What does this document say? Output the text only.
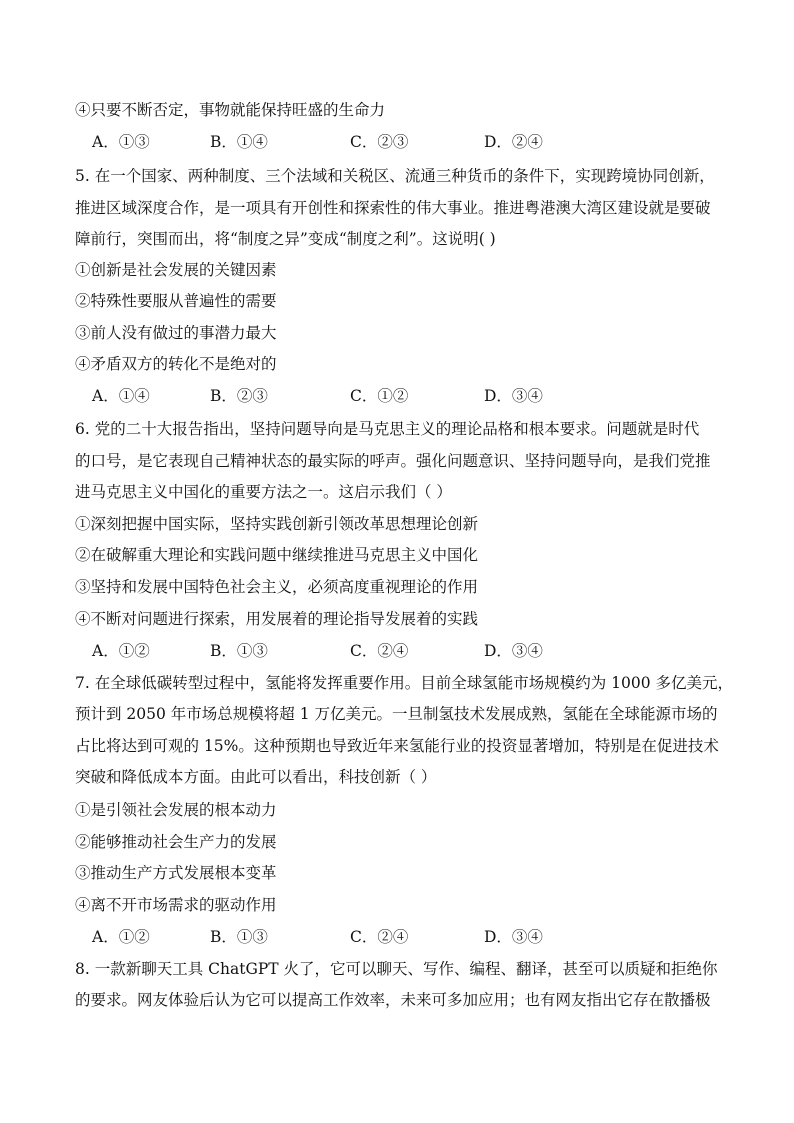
④只要不断否定，事物就能保持旺盛的生命力
A．①③	B．①④	C．②③	D．②④
5. 在一个国家、两种制度、三个法域和关税区、流通三种货币的条件下，实现跨境协同创新，
推进区域深度合作，是一项具有开创性和探索性的伟大事业。推进粤港澳大湾区建设就是要破
障前行，突围而出，将“制度之异”变成“制度之利”。这说明( )
①创新是社会发展的关键因素
②特殊性要服从普遍性的需要
③前人没有做过的事潜力最大
④矛盾双方的转化不是绝对的
A．①④	B．②③	C．①②	D．③④
6. 党的二十大报告指出，坚持问题导向是马克思主义的理论品格和根本要求。问题就是时代
的口号，是它表现自己精神状态的最实际的呼声。强化问题意识、坚持问题导向，是我们党推
进马克思主义中国化的重要方法之一。这启示我们（ ）
①深刻把握中国实际，坚持实践创新引领改革思想理论创新
②在破解重大理论和实践问题中继续推进马克思主义中国化
③坚持和发展中国特色社会主义，必须高度重视理论的作用
④不断对问题进行探索，用发展着的理论指导发展着的实践
A．①②	B．①③	C．②④	D．③④
7. 在全球低碳转型过程中，氢能将发挥重要作用。目前全球氢能市场规模约为 1000 多亿美元，
预计到 2050 年市场总规模将超 1 万亿美元。一旦制氢技术发展成熟，氢能在全球能源市场的
占比将达到可观的 15%。这种预期也导致近年来氢能行业的投资显著增加，特别是在促进技术
突破和降低成本方面。由此可以看出，科技创新（ ）
①是引领社会发展的根本动力
②能够推动社会生产力的发展
③推动生产方式发展根本变革
④离不开市场需求的驱动作用
A．①②	B．①③	C．②④	D．③④
8. 一款新聊天工具 ChatGPT 火了，它可以聊天、写作、编程、翻译，甚至可以质疑和拒绝你
的要求。网友体验后认为它可以提高工作效率，未来可多加应用；也有网友指出它存在散播极
